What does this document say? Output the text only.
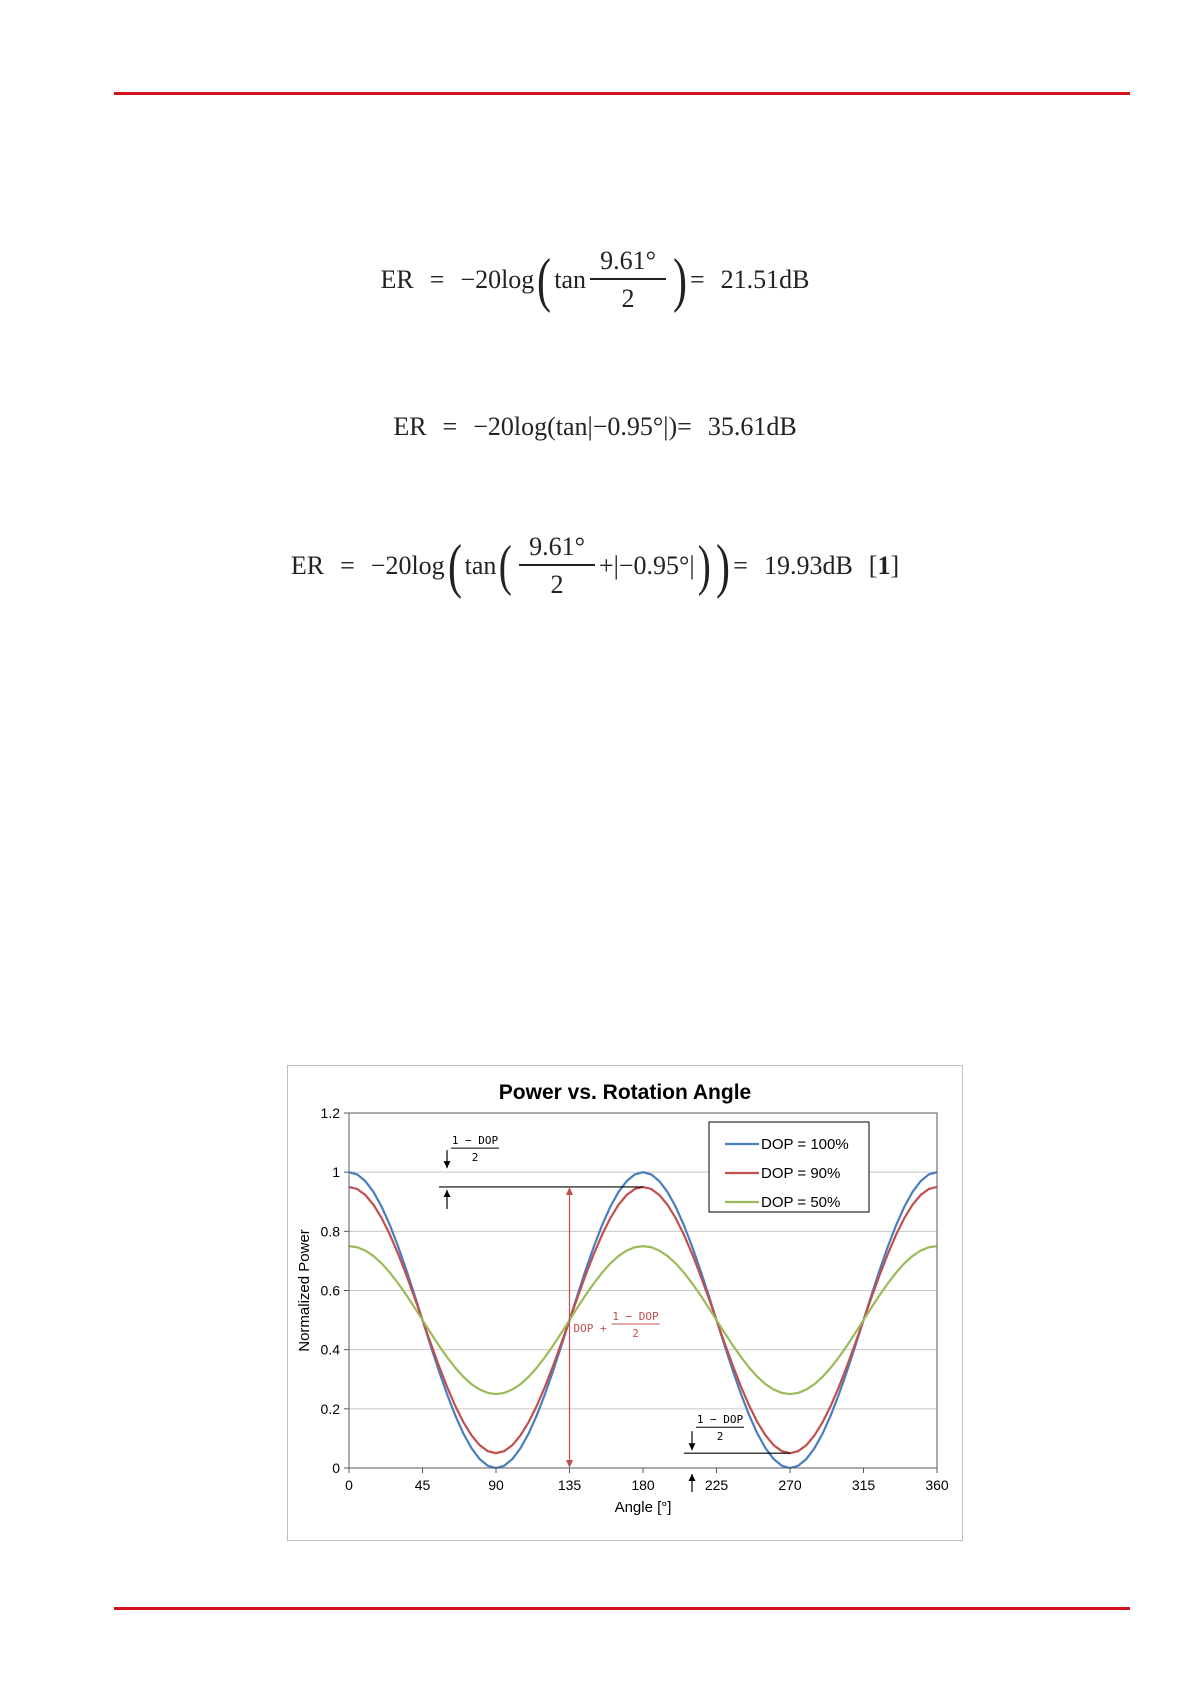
ER = −20log ( $\tan \frac{9.61^\circ}{2}$ ) = 21.51dB
ER = −20log(tan|−0.95°|) = 35.61dB
ER = −20log ( tan ( $\frac{9.61^\circ}{2} +|-0.95^\circ|$ ) ) = 19.93dB [1]
Power vs. Rotation Angle
0
0.2
0.4
0.6
0.8
1
1.2
0	45	90	135	180	225	270	315	360
Angle [°]
Normalized Power
1 − DOP
2
DOP +
1 − DOP
2
1 − DOP
2
DOP = 100%
DOP = 90%
DOP = 50%
